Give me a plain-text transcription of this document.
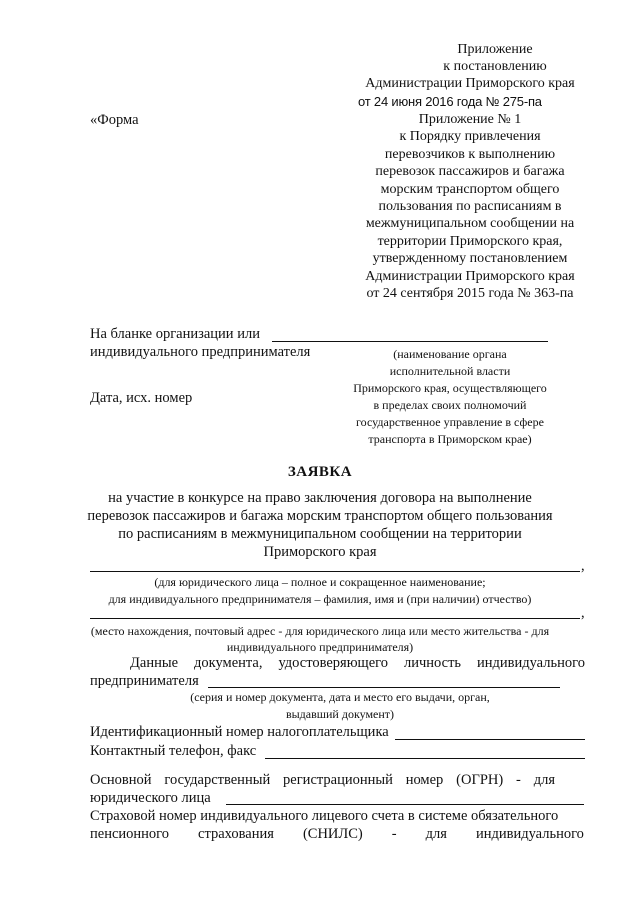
Приложение
к постановлению
Администрации Приморского края
от 24 июня 2016 года № 275-па
«Форма	Приложение № 1
к Порядку привлечения
перевозчиков к выполнению
перевозок пассажиров и багажа
морским транспортом общего
пользования по расписаниям в
межмуниципальном сообщении на
территории Приморского края,
утвержденному постановлением
Администрации Приморского края
от 24 сентября 2015 года № 363-па
На бланке организации или
индивидуального предпринимателя
Дата, исх. номер
(наименование органа
исполнительной власти
Приморского края, осуществляющего
в пределах своих полномочий
государственное управление в сфере
транспорта в Приморском крае)
ЗАЯВКА
на участие в конкурсе на право заключения договора на выполнение
перевозок пассажиров и багажа морским транспортом общего пользования
по расписаниям в межмуниципальном сообщении на территории
Приморского края
,
(для юридического лица – полное и сокращенное наименование;
для индивидуального предпринимателя – фамилия, имя и (при наличии) отчество)
,
(место нахождения, почтовый адрес - для юридического лица или место жительства - для
индивидуального предпринимателя)
Данные документа, удостоверяющего личность индивидуального
предпринимателя
(серия и номер документа, дата и место его выдачи, орган,
выдавший документ)
Идентификационный номер налогоплательщика
Контактный телефон, факс
Основной государственный регистрационный номер (ОГРН) - для
юридического лица
Страховой номер индивидуального лицевого счета в системе обязательного
пенсионного страхования (СНИЛС) - для индивидуального
